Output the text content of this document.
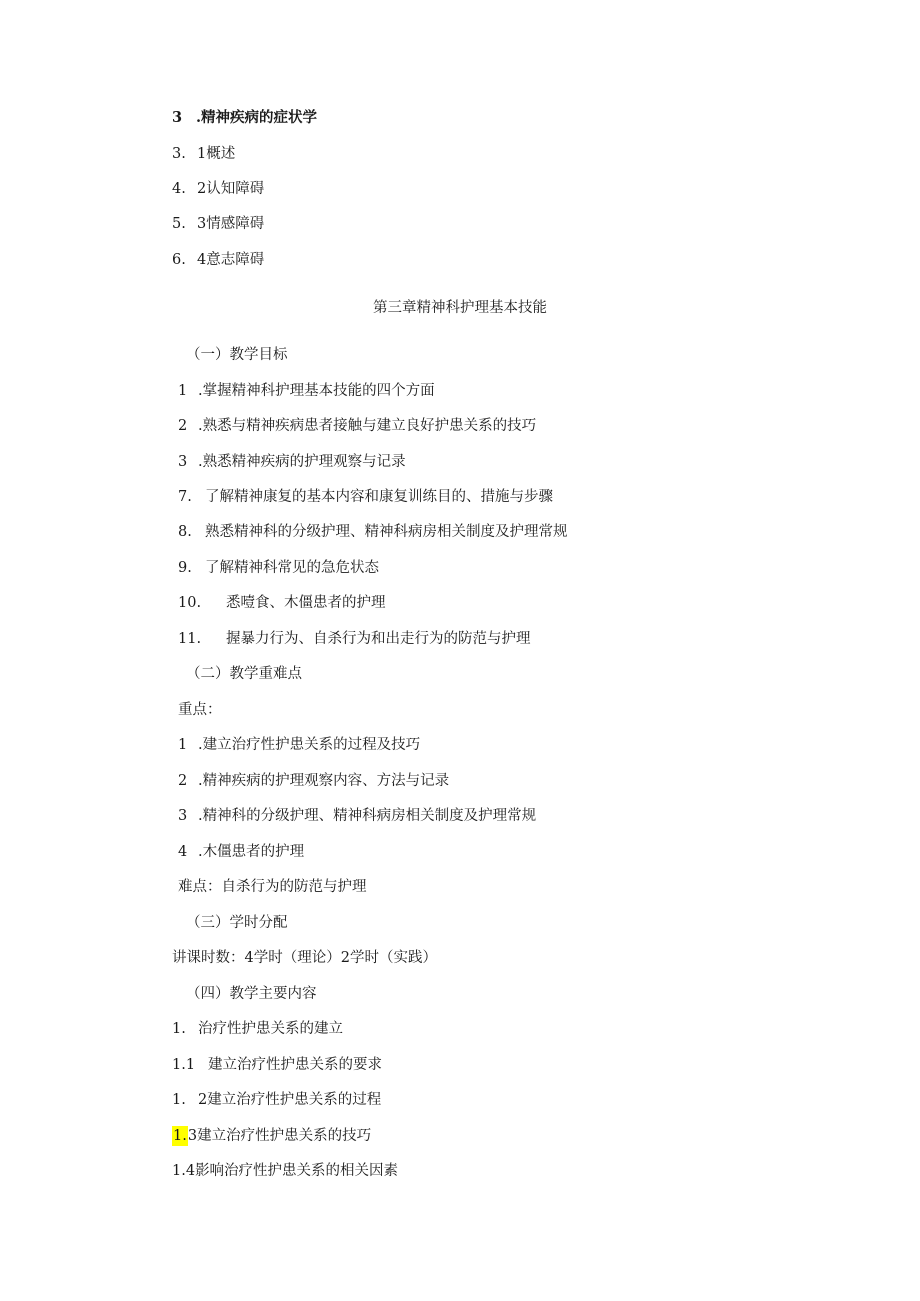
3 .精神疾病的症状学
3. 1概述
4. 2认知障碍
5. 3情感障碍
6. 4意志障碍
第三章精神科护理基本技能
（一）教学目标
1 .掌握精神科护理基本技能的四个方面
2 .熟悉与精神疾病患者接触与建立良好护患关系的技巧
3 .熟悉精神疾病的护理观察与记录
7. 了解精神康复的基本内容和康复训练目的、措施与步骤
8. 熟悉精神科的分级护理、精神科病房相关制度及护理常规
9. 了解精神科常见的急危状态
10. 悉噎食、木僵患者的护理
11. 握暴力行为、自杀行为和出走行为的防范与护理
（二）教学重难点
重点：
1 .建立治疗性护患关系的过程及技巧
2 .精神疾病的护理观察内容、方法与记录
3 .精神科的分级护理、精神科病房相关制度及护理常规
4 .木僵患者的护理
难点：自杀行为的防范与护理
（三）学时分配
讲课时数：4学时（理论）2学时（实践）
（四）教学主要内容
1. 治疗性护患关系的建立
1.1 建立治疗性护患关系的要求
1. 2建立治疗性护患关系的过程
1.3建立治疗性护患关系的技巧
1.4影响治疗性护患关系的相关因素
